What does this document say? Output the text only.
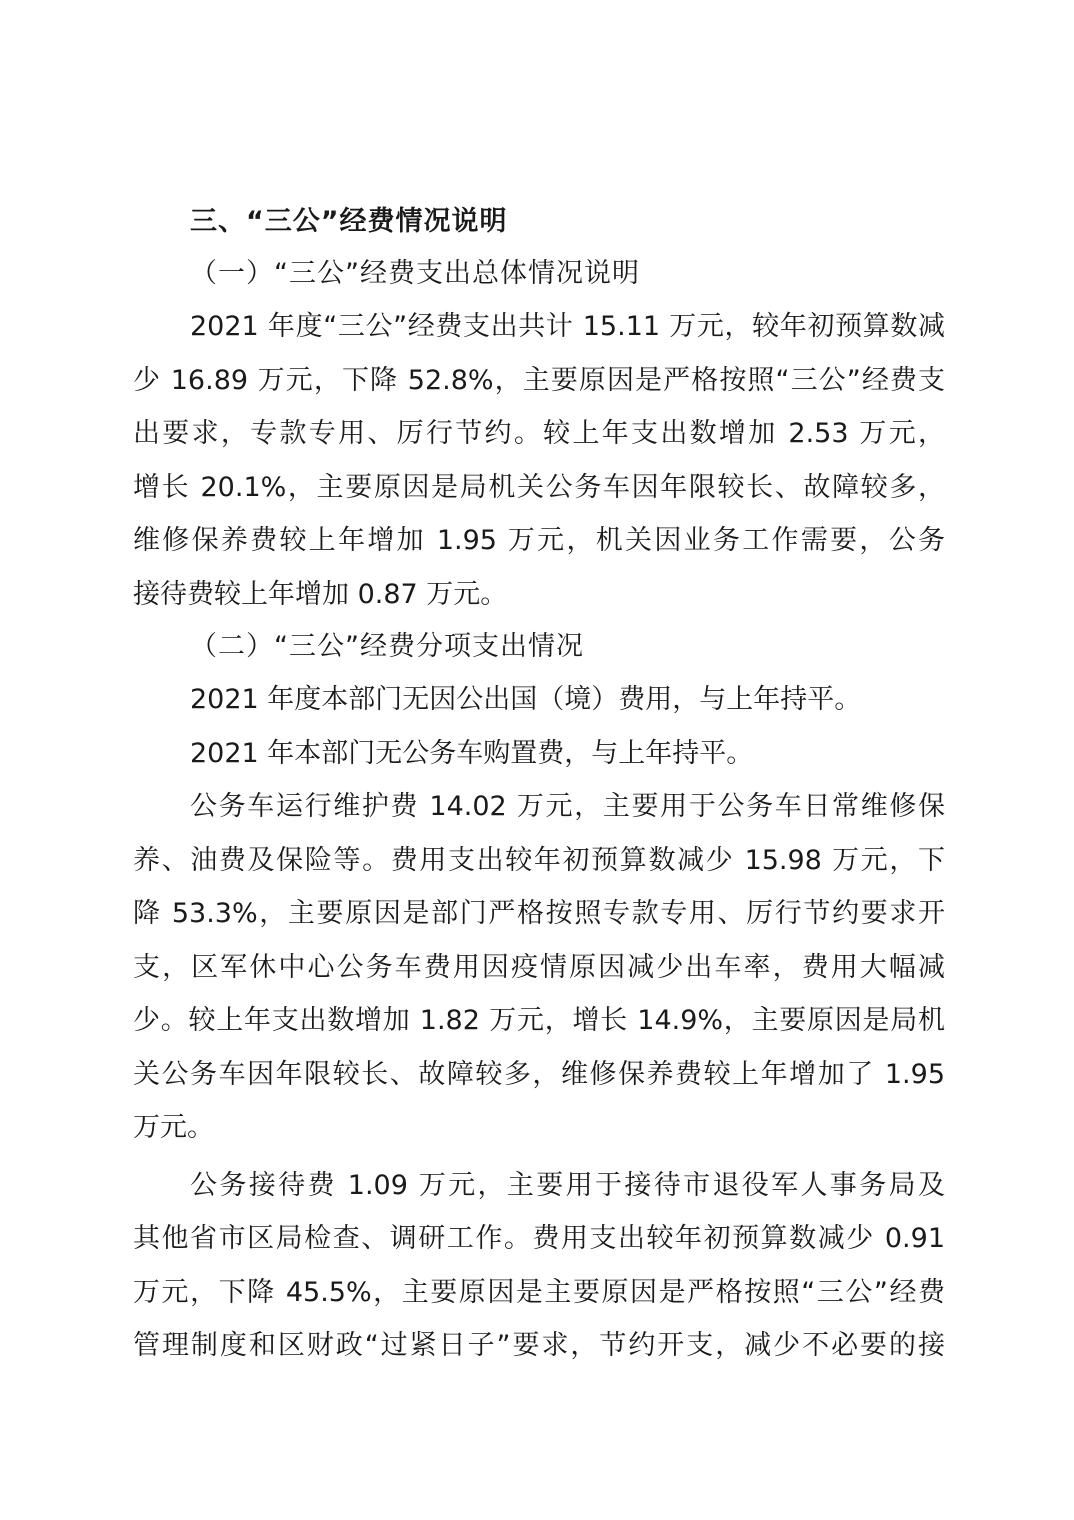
三、“三公”经费情况说明
（一）“三公”经费支出总体情况说明
2021 年度“三公”经费支出共计 15.11 万元，较年初预算数减
少 16.89 万元，下降 52.8%，主要原因是严格按照“三公”经费支
出要求，专款专用、厉行节约。较上年支出数增加 2.53 万元，
增长 20.1%，主要原因是局机关公务车因年限较长、故障较多，
维修保养费较上年增加 1.95 万元，机关因业务工作需要，公务
接待费较上年增加 0.87 万元。
（二）“三公”经费分项支出情况
2021 年度本部门无因公出国（境）费用，与上年持平。
2021 年本部门无公务车购置费，与上年持平。
公务车运行维护费 14.02 万元，主要用于公务车日常维修保
养、油费及保险等。费用支出较年初预算数减少 15.98 万元，下
降 53.3%，主要原因是部门严格按照专款专用、厉行节约要求开
支，区军休中心公务车费用因疫情原因减少出车率，费用大幅减
少。较上年支出数增加 1.82 万元，增长 14.9%，主要原因是局机
关公务车因年限较长、故障较多，维修保养费较上年增加了 1.95
万元。
公务接待费 1.09 万元，主要用于接待市退役军人事务局及
其他省市区局检查、调研工作。费用支出较年初预算数减少 0.91
万元，下降 45.5%，主要原因是主要原因是严格按照“三公”经费
管理制度和区财政“过紧日子”要求，节约开支，减少不必要的接
